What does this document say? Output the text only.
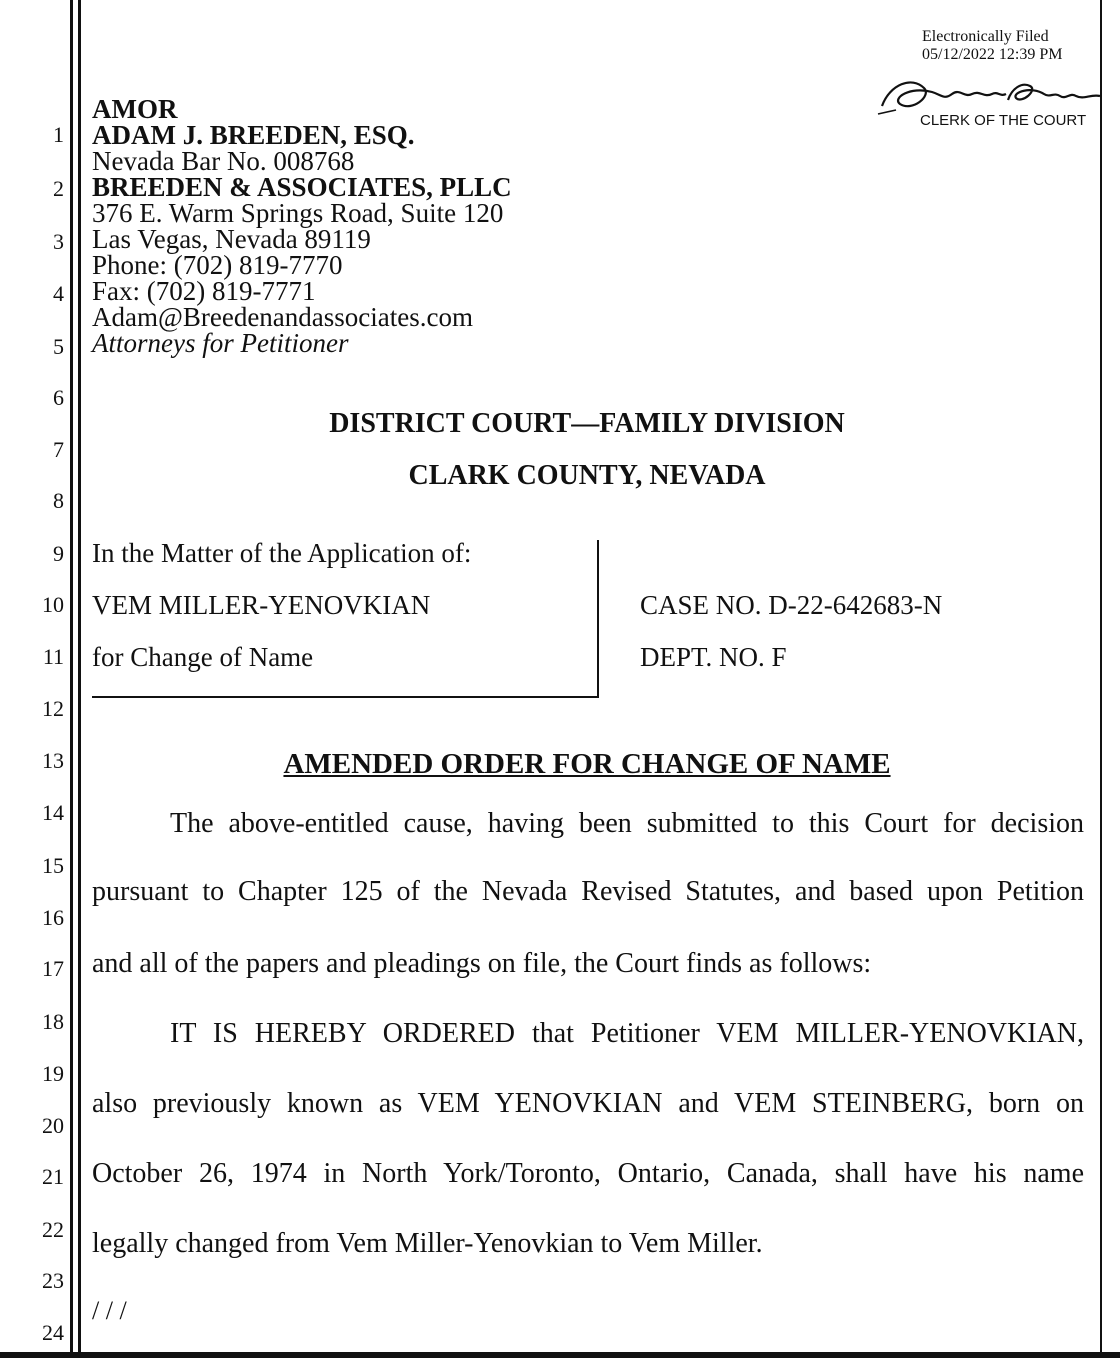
1
2
3
4
5
6
7
8
9
10
11
12
13
14
15
16
17
18
19
20
21
22
23
24
Electronically Filed
05/12/2022 12:39 PM
CLERK OF THE COURT
AMOR
ADAM J. BREEDEN, ESQ.
Nevada Bar No. 008768
BREEDEN & ASSOCIATES, PLLC
376 E. Warm Springs Road, Suite 120
Las Vegas, Nevada 89119
Phone: (702) 819-7770
Fax: (702) 819-7771
Adam@Breedenandassociates.com
Attorneys for Petitioner
DISTRICT COURT—FAMILY DIVISION
CLARK COUNTY, NEVADA
In the Matter of the Application of:
VEM MILLER-YENOVKIAN
for Change of Name
CASE NO. D-22-642683-N
DEPT. NO. F
AMENDED ORDER FOR CHANGE OF NAME
The above-entitled cause, having been submitted to this Court for decision
pursuant to Chapter 125 of the Nevada Revised Statutes, and based upon Petition
and all of the papers and pleadings on file, the Court finds as follows:
IT IS HEREBY ORDERED that Petitioner VEM MILLER-YENOVKIAN,
also previously known as VEM YENOVKIAN and VEM STEINBERG, born on
October 26, 1974 in North York/Toronto, Ontario, Canada, shall have his name
legally changed from Vem Miller-Yenovkian to Vem Miller.
/ / /
